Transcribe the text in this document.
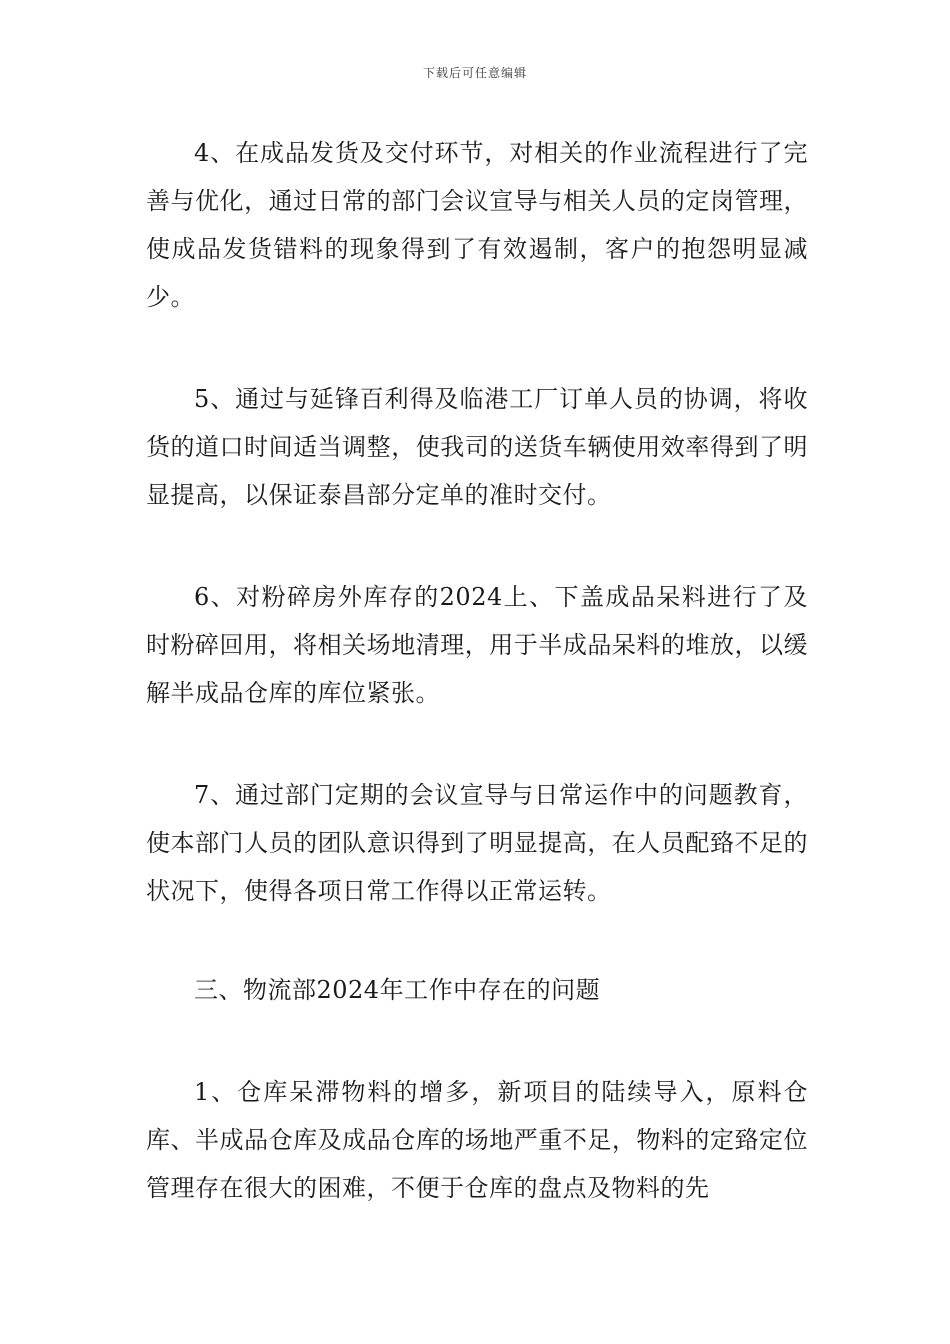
下载后可任意编辑

4、在成品发货及交付环节，对相关的作业流程进行了完善与优化，通过日常的部门会议宣导与相关人员的定岗管理，使成品发货错料的现象得到了有效遏制，客户的抱怨明显减少。

5、通过与延锋百利得及临港工厂订单人员的协调，将收货的道口时间适当调整，使我司的送货车辆使用效率得到了明显提高，以保证泰昌部分定单的准时交付。

6、对粉碎房外库存的2024上、下盖成品呆料进行了及时粉碎回用，将相关场地清理，用于半成品呆料的堆放，以缓解半成品仓库的库位紧张。

7、通过部门定期的会议宣导与日常运作中的问题教育，使本部门人员的团队意识得到了明显提高，在人员配臵不足的状况下，使得各项日常工作得以正常运转。

三、物流部2024年工作中存在的问题

1、仓库呆滞物料的增多，新项目的陆续导入，原料仓库、半成品仓库及成品仓库的场地严重不足，物料的定臵定位管理存在很大的困难，不便于仓库的盘点及物料的先
